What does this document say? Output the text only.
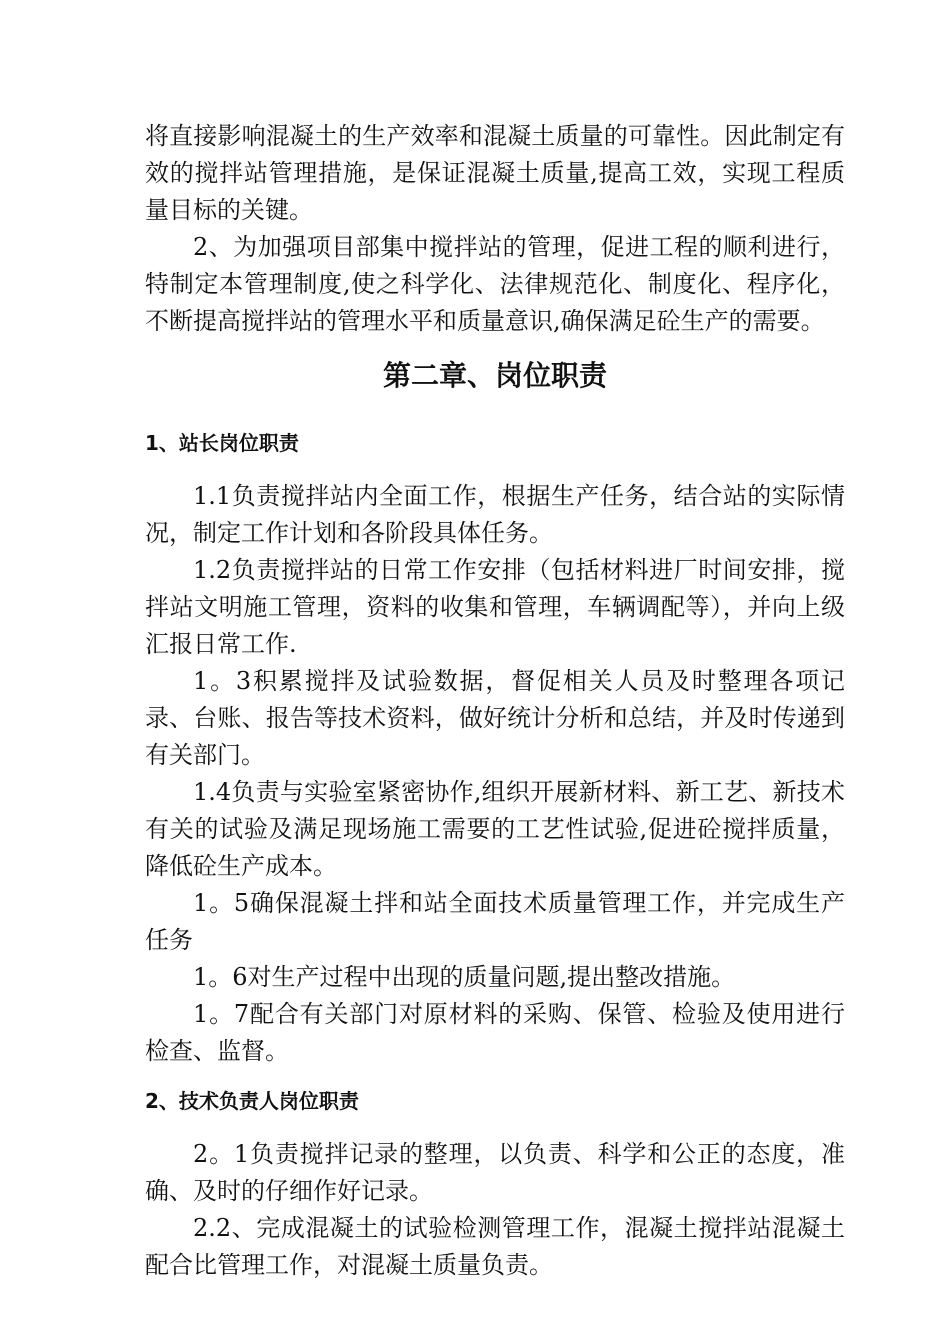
将直接影响混凝土的生产效率和混凝土质量的可靠性。因此制定有效的搅拌站管理措施，是保证混凝土质量,提高工效，实现工程质量目标的关键。

2、为加强项目部集中搅拌站的管理，促进工程的顺利进行，特制定本管理制度,使之科学化、法律规范化、制度化、程序化，不断提高搅拌站的管理水平和质量意识,确保满足砼生产的需要。

第二章、岗位职责
1、站长岗位职责

1.1负责搅拌站内全面工作，根据生产任务，结合站的实际情况，制定工作计划和各阶段具体任务。

1.2负责搅拌站的日常工作安排（包括材料进厂时间安排，搅拌站文明施工管理，资料的收集和管理，车辆调配等），并向上级汇报日常工作.

1。3积累搅拌及试验数据，督促相关人员及时整理各项记录、台账、报告等技术资料，做好统计分析和总结，并及时传递到有关部门。

1.4负责与实验室紧密协作,组织开展新材料、新工艺、新技术有关的试验及满足现场施工需要的工艺性试验,促进砼搅拌质量，降低砼生产成本。

1。5确保混凝土拌和站全面技术质量管理工作，并完成生产任务

1。6对生产过程中出现的质量问题,提出整改措施。

1。7配合有关部门对原材料的采购、保管、检验及使用进行检查、监督。

2、技术负责人岗位职责

2。1负责搅拌记录的整理，以负责、科学和公正的态度，准确、及时的仔细作好记录。

2.2、完成混凝土的试验检测管理工作，混凝土搅拌站混凝土配合比管理工作，对混凝土质量负责。
